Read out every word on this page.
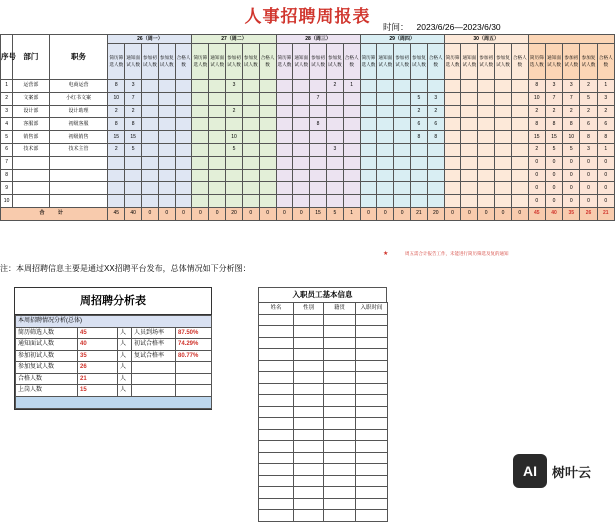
人事招聘周报表	时间： 2023/6/26—2023/6/30
序号	部门	职务	26（周一）					27（周二）					28（周三）					29（周四）					30（周五）									
			简历筛选人数	通知面试人数	参加初试人数	参加复试人数	合格人数	简历筛选人数	通知面试人数	参加初试人数	参加复试人数	合格人数	简历筛选人数	通知面试人数	参加初试人数	参加复试人数	合格人数	简历筛选人数	通知面试人数	参加初试人数	参加复试人数	合格人数	简历筛选人数	通知面试人数	参加初试人数	参加复试人数	合格人数	简历筛选人数	通知面试人数	参加初试人数	参加复试人数	合格人数
1	运营部	电商运营	8	3						3						2	1											8	3	3	2	1
2	文案部	小红书文案	10	7											7						5	3						10	7	7	5	3
3	设计部	设计助理	2	2						2											2	2						2	2	2	2	2
4	客服部	初级客服	8	8											8						6	6						8	8	8	6	6
5	销售部	初级销售	15	15						10											8	8						15	15	10	8	8
6	技术部	技术主管	2	5						5						3												2	5	5	3	1
7																												0	0	0	0	0
8																												0	0	0	0	0
9																												0	0	0	0	0
10																												0	0	0	0	0
合 计			45	40	0	0	0	0	0	20	0	0	0	0	15	5	1	0	0	0	21	20	0	0	0	0	0	45	40	35	26	21
★	周五需合计报告工作，未能进行简历筛选及复的通知
注：本周招聘信息主要是通过XX招聘平台发布，总体情况如下分析图：
周招聘分析表
本周招聘情况分析(总体)				
简历筛选人数	45	人	人员到场率	87.50%
通知面试人数	40	人	初试合格率	74.29%
参加初试人数	35	人	复试合格率	80.77%
参加复试人数	26	人		
合格人数	21	人		
上岗人数	15	人		

入职员工基本信息
姓名	性别	籍贯	入职时间

AI	树叶云
